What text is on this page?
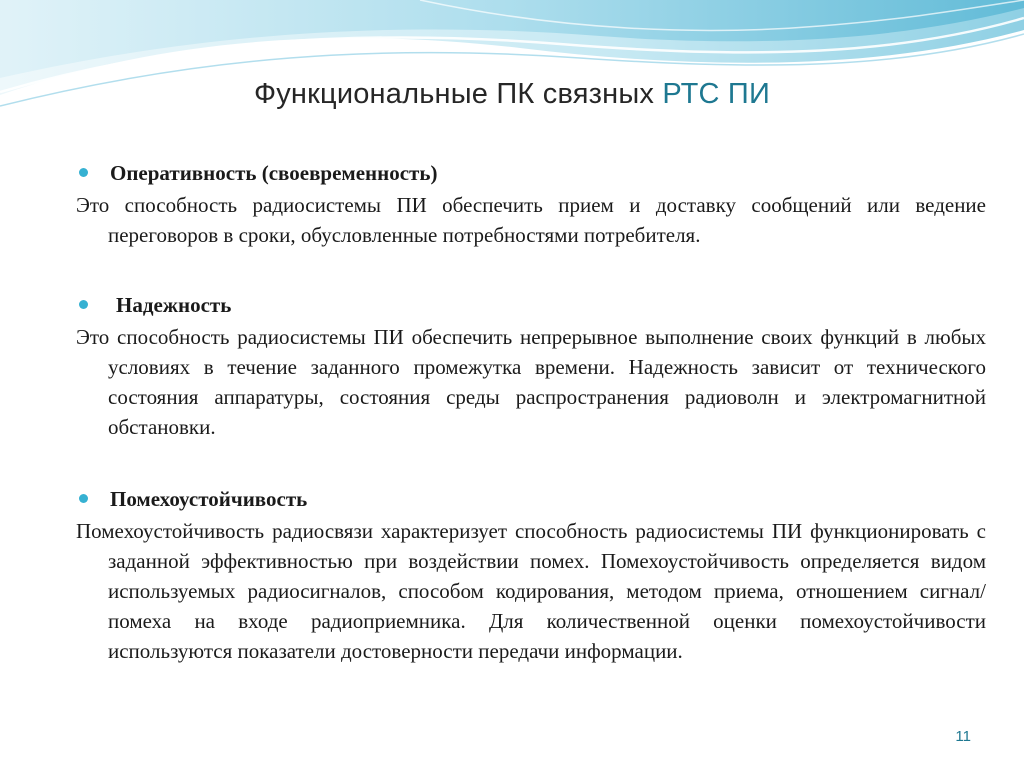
Функциональные ПК связных РТС ПИ
Оперативность (своевременность)

Это способность радиосистемы ПИ обеспечить прием и доставку сообщений или ведение переговоров в сроки, обусловленные потребностями потребителя.

Надежность

Это способность радиосистемы ПИ обеспечить непрерывное выполнение своих функций в любых условиях в течение заданного промежутка времени. Надежность зависит от технического состояния аппаратуры, состояния среды распространения радиоволн и электромагнитной обстановки.

Помехоустойчивость

Помехоустойчивость радиосвязи характеризует способность радиосистемы ПИ функционировать с заданной эффективностью при воздействии помех. Помехоустойчивость определяется видом используемых радиосигналов, способом кодирования, методом приема, отношением сигнал/ помеха на входе радиоприемника. Для количественной оценки помехоустойчивости используются показатели достоверности передачи информации.

11
